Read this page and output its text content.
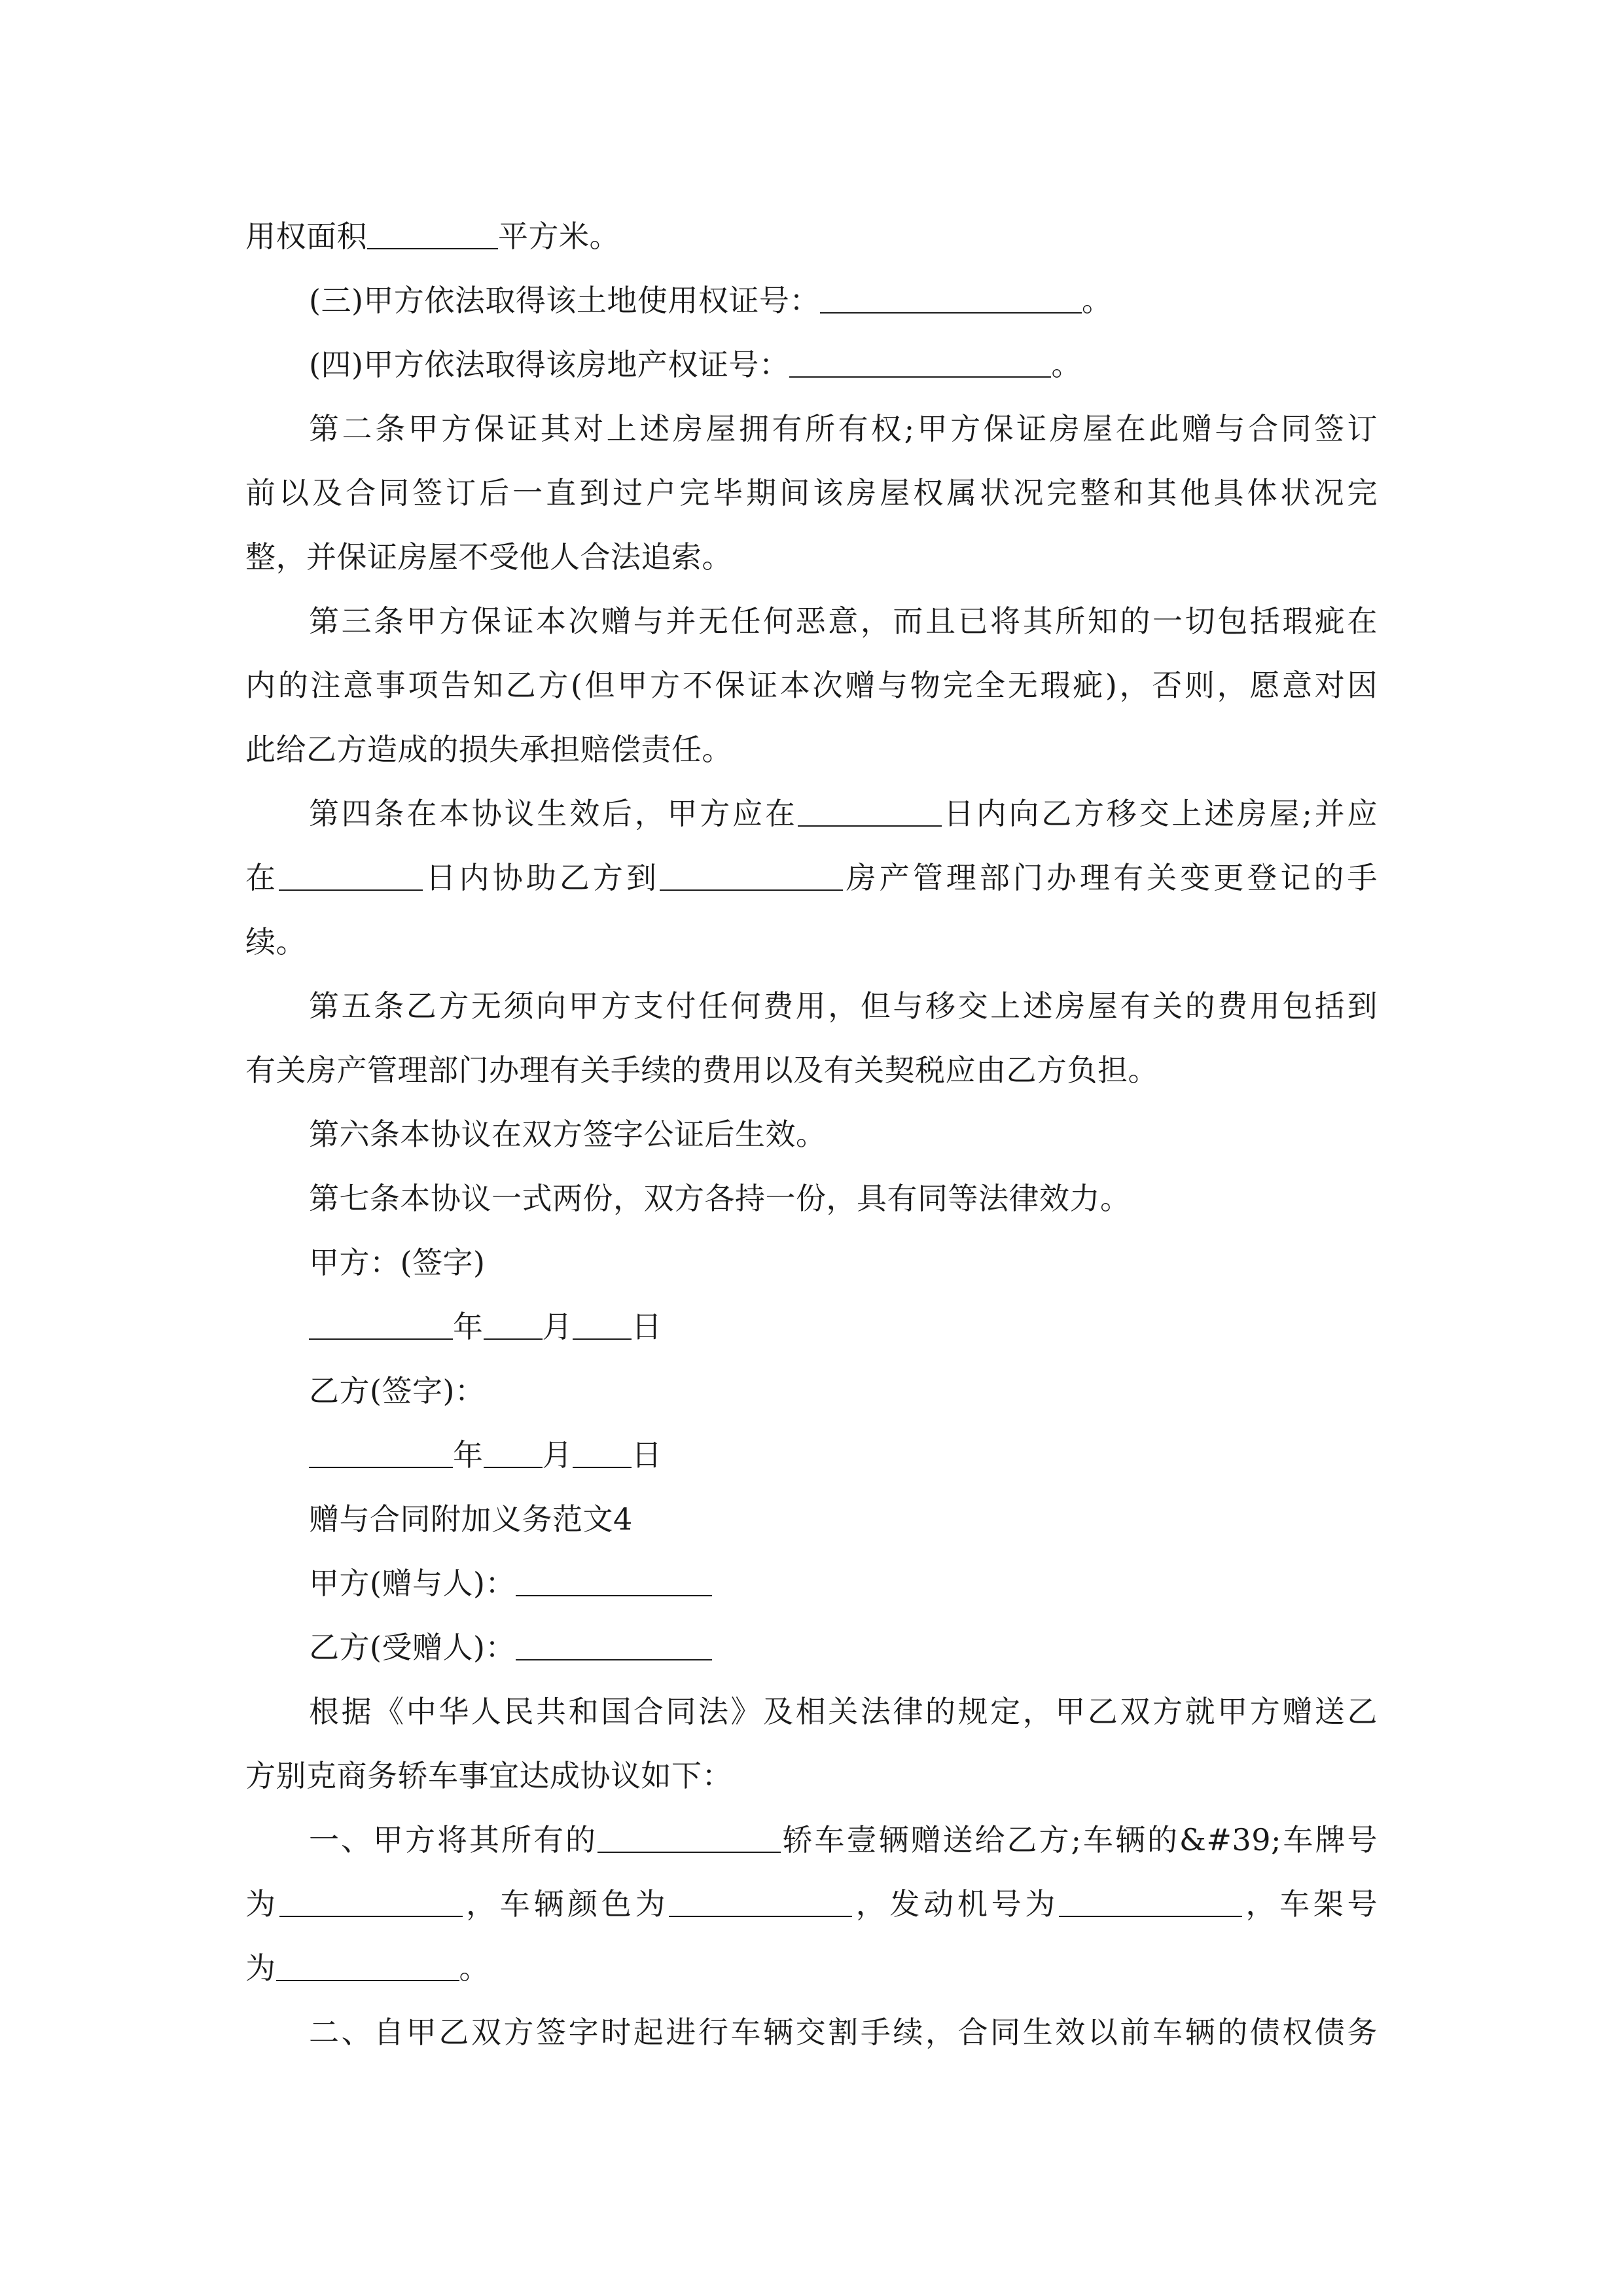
用权面积	平方米。
(三)甲方依法取得该土地使用权证号：	。
(四)甲方依法取得该房地产权证号：	。
第二条甲方保证其对上述房屋拥有所有权;甲方保证房屋在此赠与合同签订
前以及合同签订后一直到过户完毕期间该房屋权属状况完整和其他具体状况完
整，并保证房屋不受他人合法追索。
第三条甲方保证本次赠与并无任何恶意，而且已将其所知的一切包括瑕疵在
内的注意事项告知乙方(但甲方不保证本次赠与物完全无瑕疵)，否则，愿意对因
此给乙方造成的损失承担赔偿责任。
第四条在本协议生效后，甲方应在	日内向乙方移交上述房屋;并应
在	日内协助乙方到	房产管理部门办理有关变更登记的手
续。
第五条乙方无须向甲方支付任何费用，但与移交上述房屋有关的费用包括到
有关房产管理部门办理有关手续的费用以及有关契税应由乙方负担。
第六条本协议在双方签字公证后生效。
第七条本协议一式两份，双方各持一份，具有同等法律效力。
甲方：(签字)
年 月 日
乙方(签字)：
年 月 日
赠与合同附加义务范文4
甲方(赠与人)：
乙方(受赠人)：
根据《中华人民共和国合同法》及相关法律的规定，甲乙双方就甲方赠送乙
方别克商务轿车事宜达成协议如下：
一、甲方将其所有的	轿车壹辆赠送给乙方;车辆的&#39;车牌号
为	，车辆颜色为	，发动机号为	，车架号
为	。
二、自甲乙双方签字时起进行车辆交割手续，合同生效以前车辆的债权债务
